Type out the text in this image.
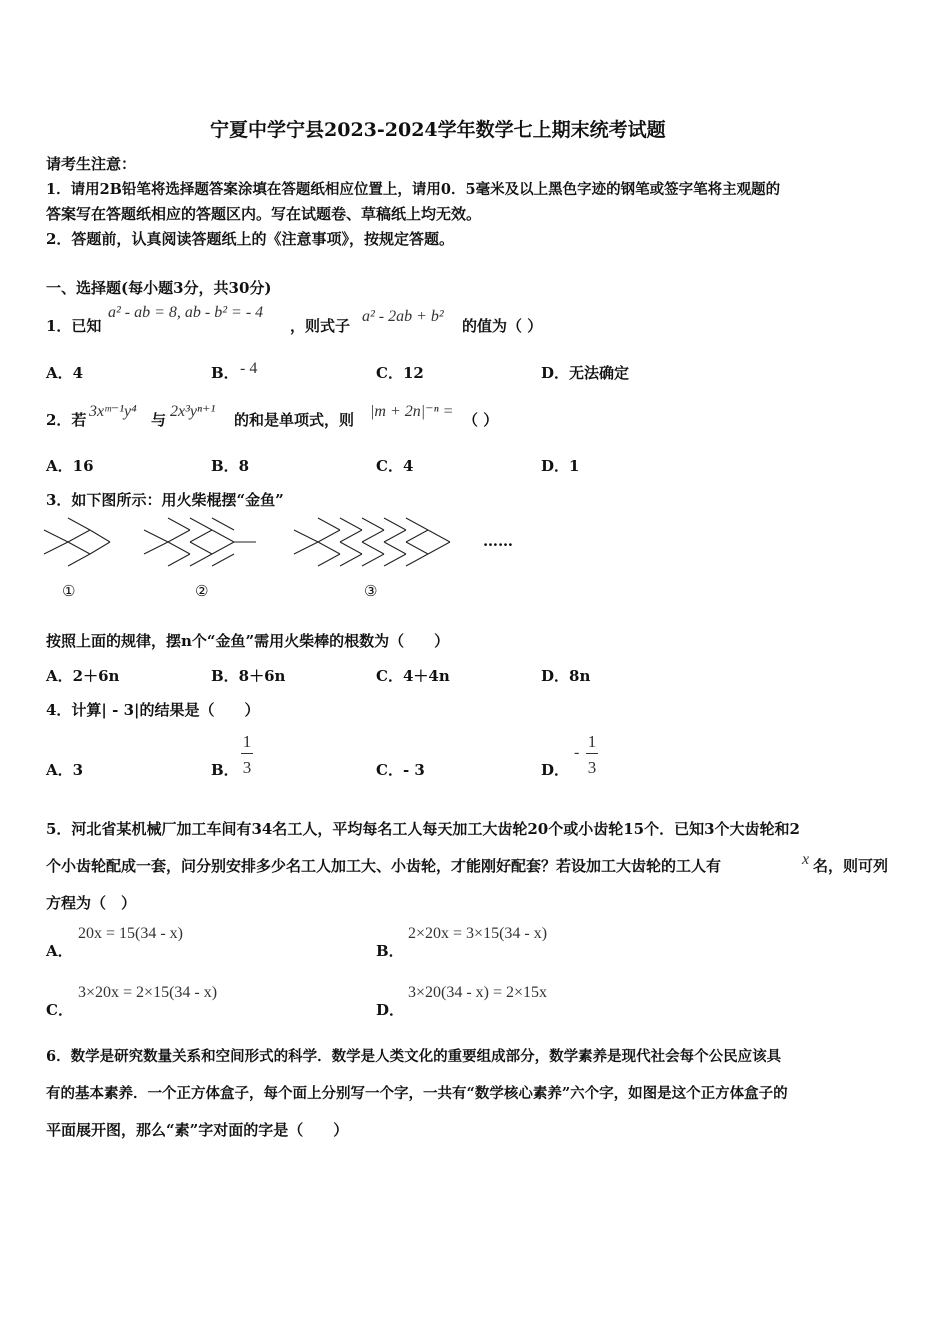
宁夏中学宁县2023-2024学年数学七上期末统考试题
请考生注意：
1．请用2B铅笔将选择题答案涂填在答题纸相应位置上，请用0．5毫米及以上黑色字迹的钢笔或签字笔将主观题的
答案写在答题纸相应的答题区内。写在试题卷、草稿纸上均无效。
2．答题前，认真阅读答题纸上的《注意事项》，按规定答题。
一、选择题(每小题3分，共30分)
1．已知
a² - ab = 8, ab - b² = - 4
，则式子
a² - 2ab + b²
的值为（ ）
A．4	B． - 4	C．12	D．无法确定
2．若 3xᵐ⁻¹y⁴ 与 2x³yⁿ⁺¹ 的和是单项式，则 |m + 2n|⁻ⁿ = （ ）
A．16	B．8	C．4	D．1
3．如下图所示：用火柴棍摆“金鱼”
……
①	②	③
按照上面的规律，摆n个“金鱼”需用火柴棒的根数为（　　）
A．2＋6n	B．8＋6n	C．4＋4n	D．8n
4．计算| - 3|的结果是（　　）
A．3	B．
1
3	C．- 3	D．
-
1
3
5．河北省某机械厂加工车间有34名工人，平均每名工人每天加工大齿轮20个或小齿轮15个．已知3个大齿轮和2
个小齿轮配成一套，问分别安排多少名工人加工大、小齿轮，才能刚好配套？若设加工大齿轮的工人有	x 名，则可列
方程为（　）
A．
20x = 15(34 - x)
B．
2×20x = 3×15(34 - x)
C．
3×20x = 2×15(34 - x)
D．
3×20(34 - x) = 2×15x
6．数学是研究数量关系和空间形式的科学．数学是人类文化的重要组成部分，数学素养是现代社会每个公民应该具
有的基本素养．一个正方体盒子，每个面上分别写一个字，一共有“数学核心素养”六个字，如图是这个正方体盒子的
平面展开图，那么“素”字对面的字是（　　）
